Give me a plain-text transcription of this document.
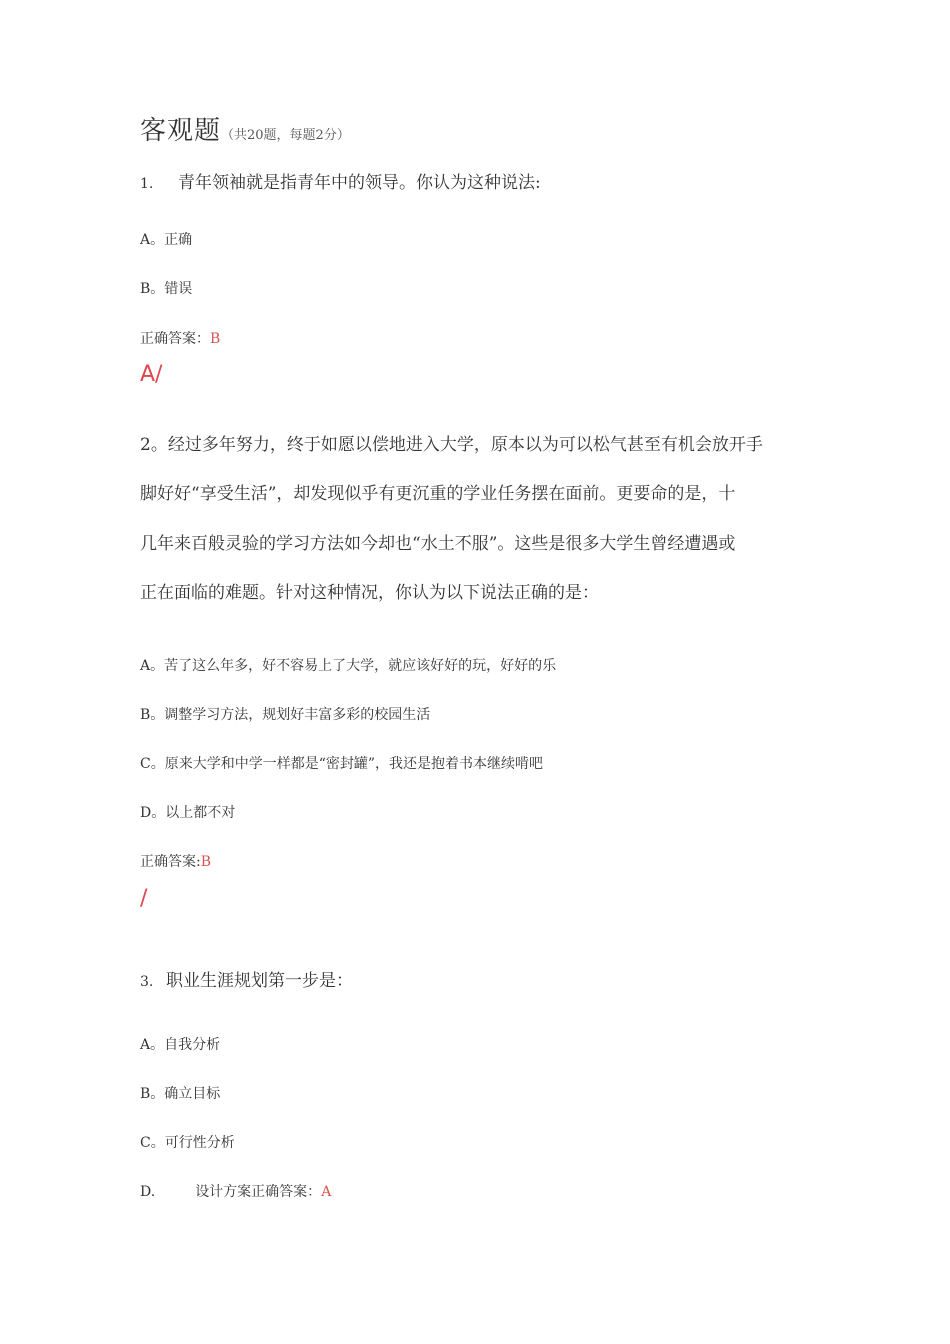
客观题（共20题，每题2分）
1. 青年领袖就是指青年中的领导。你认为这种说法:
A。正确
B。错误
正确答案：B
A/
2。经过多年努力，终于如愿以偿地进入大学，原本以为可以松气甚至有机会放开手
脚好好“享受生活”，却发现似乎有更沉重的学业任务摆在面前。更要命的是，十
几年来百般灵验的学习方法如今却也“水土不服”。这些是很多大学生曾经遭遇或
正在面临的难题。针对这种情况，你认为以下说法正确的是：
A。苦了这么年多，好不容易上了大学，就应该好好的玩，好好的乐
B。调整学习方法，规划好丰富多彩的校园生活
C。原来大学和中学一样都是“密封罐”，我还是抱着书本继续啃吧
D。以上都不对
正确答案:B
/
3. 职业生涯规划第一步是：
A。自我分析
B。确立目标
C。可行性分析
D.	设计方案正确答案：A
